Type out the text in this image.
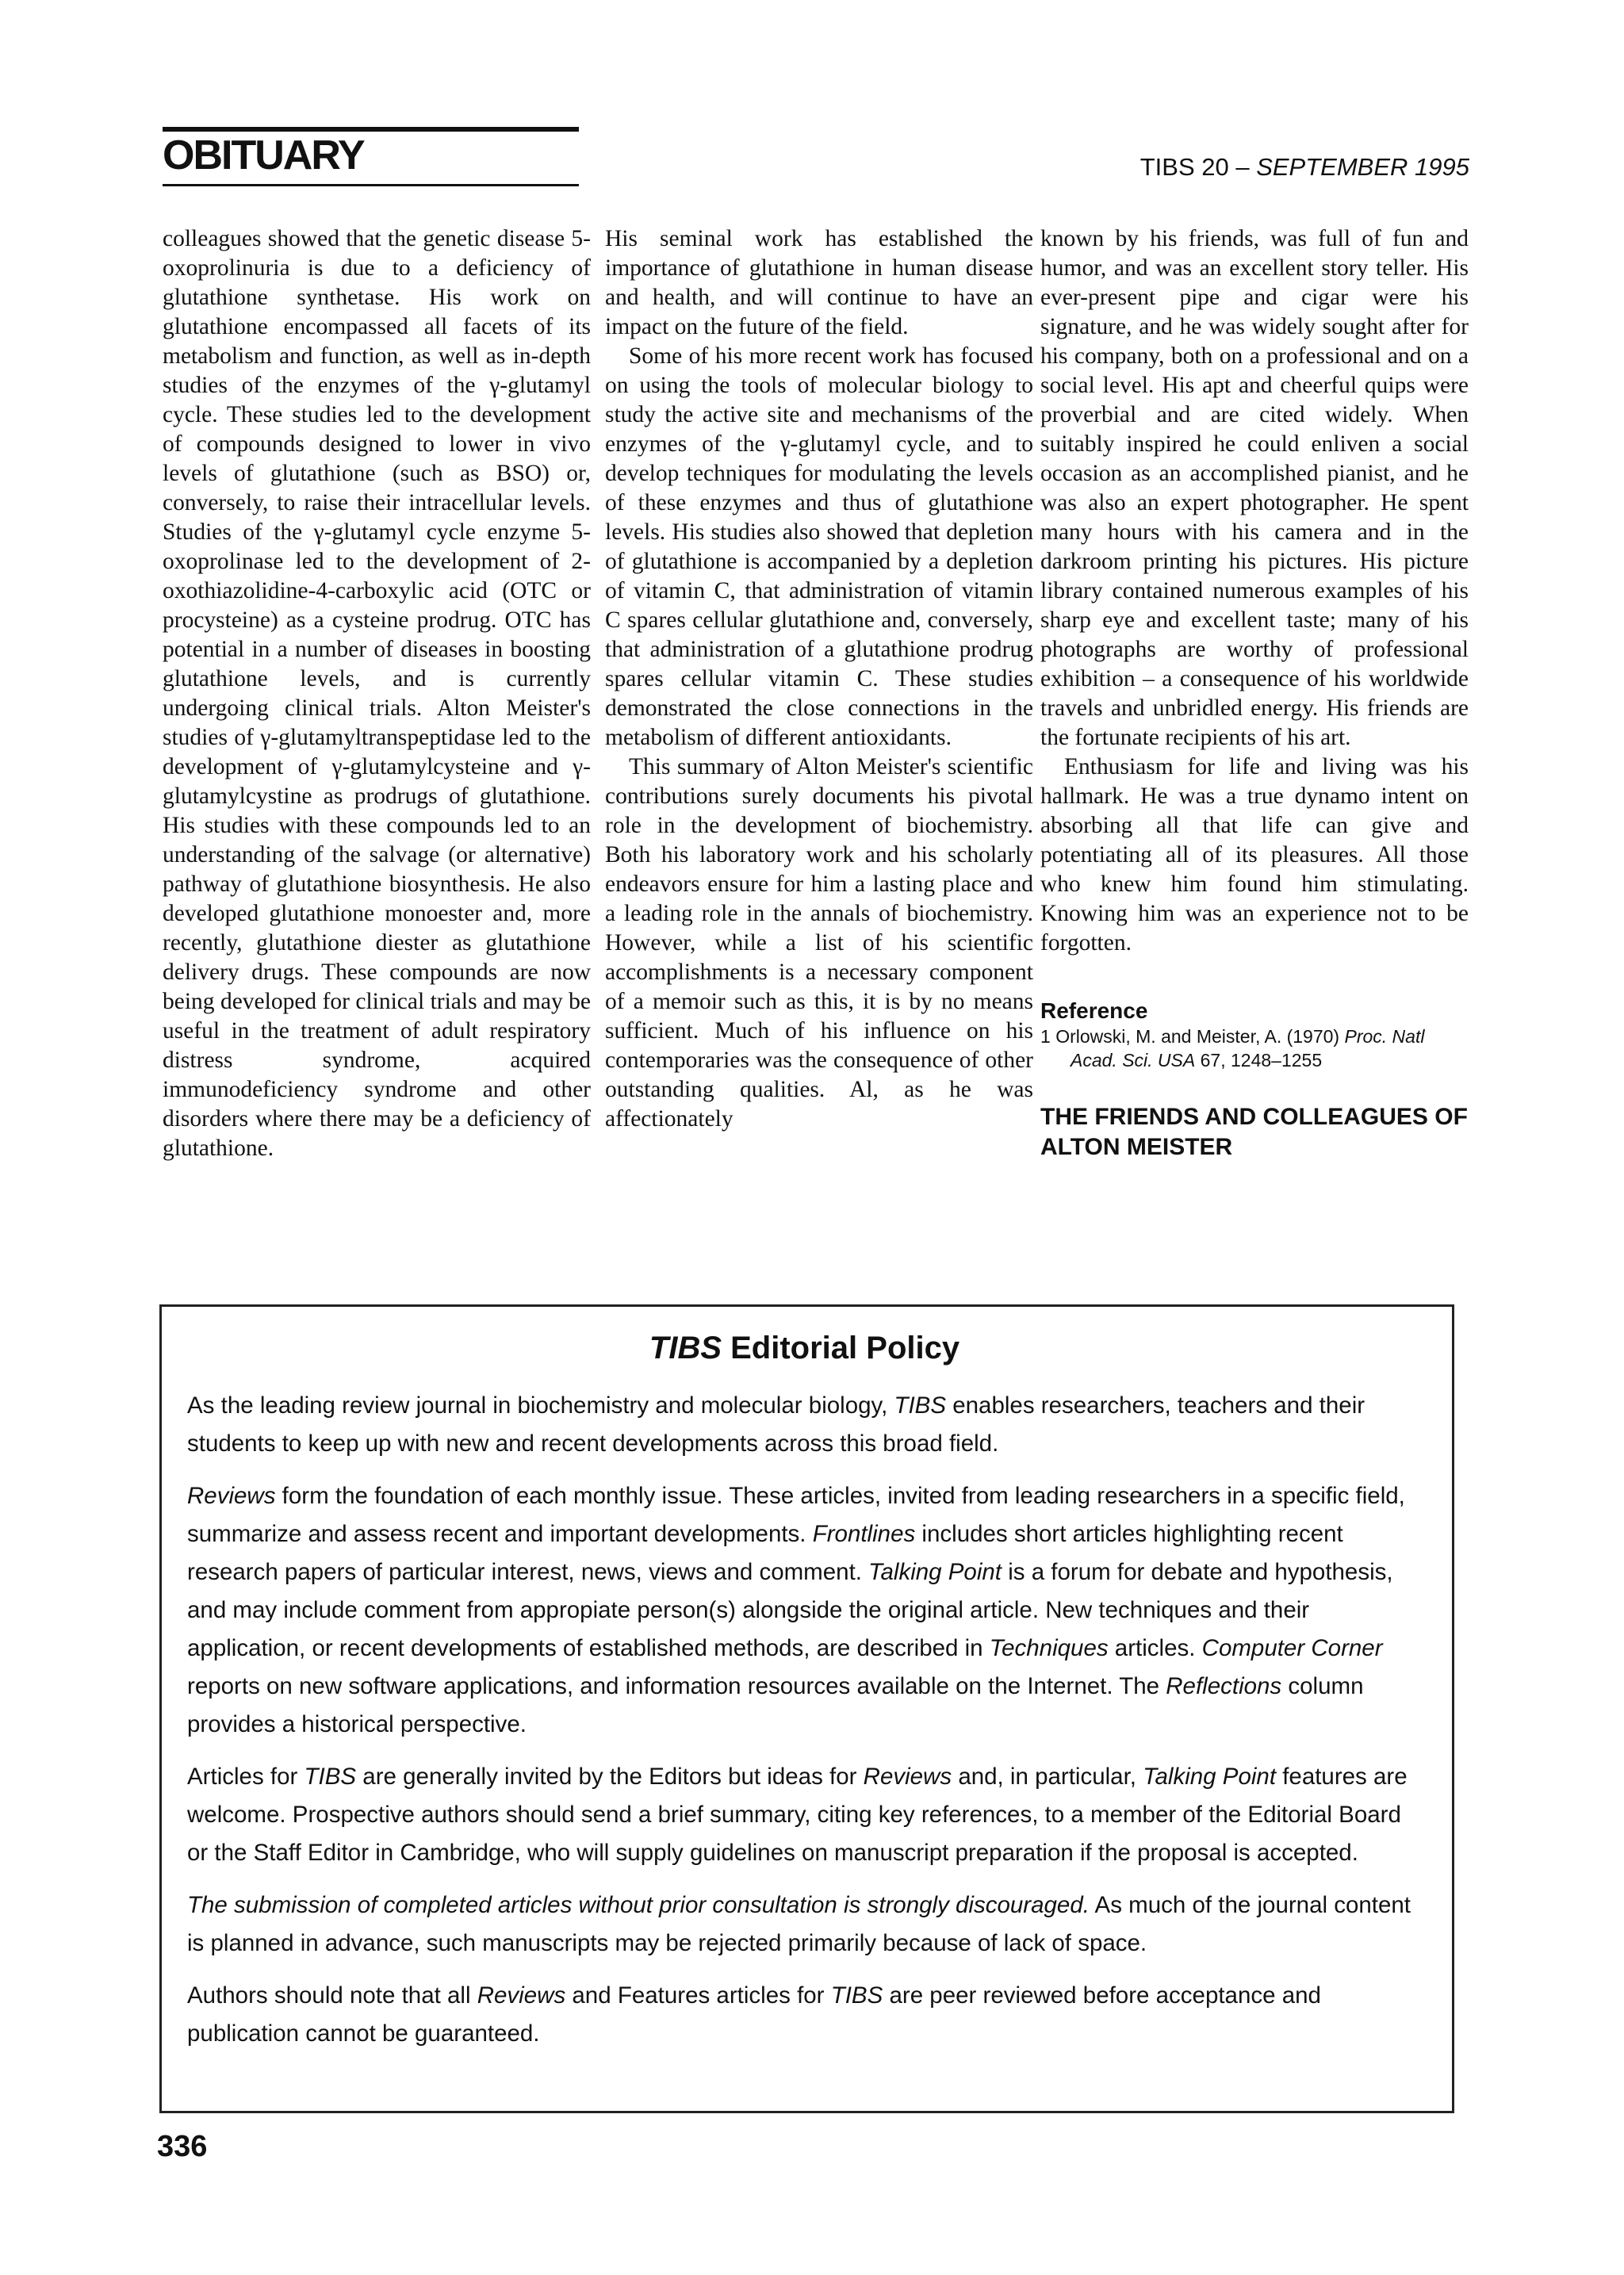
OBITUARY	TIBS 20 – SEPTEMBER 1995

colleagues showed that the genetic disease 5-oxoprolinuria is due to a deficiency of glutathione synthetase. His work on glutathione encompassed all facets of its metabolism and function, as well as in-depth studies of the enzymes of the γ-glutamyl cycle. These studies led to the development of compounds designed to lower in vivo levels of glutathione (such as BSO) or, conversely, to raise their intracellular levels. Studies of the γ-glutamyl cycle enzyme 5-oxoprolinase led to the development of 2-oxothiazolidine-4-carboxylic acid (OTC or procysteine) as a cysteine prodrug. OTC has potential in a number of diseases in boosting glutathione levels, and is currently undergoing clinical trials. Alton Meister's studies of γ-glutamyltranspeptidase led to the development of γ-glutamylcysteine and γ-glutamylcystine as prodrugs of glutathione. His studies with these compounds led to an understanding of the salvage (or alternative) pathway of glutathione biosynthesis. He also developed glutathione monoester and, more recently, glutathione diester as glutathione delivery drugs. These compounds are now being developed for clinical trials and may be useful in the treatment of adult respiratory distress syndrome, acquired immunodeficiency syndrome and other disorders where there may be a deficiency of glutathione.

His seminal work has established the importance of glutathione in human disease and health, and will continue to have an impact on the future of the field.

Some of his more recent work has focused on using the tools of molecular biology to study the active site and mechanisms of the enzymes of the γ-glutamyl cycle, and to develop techniques for modulating the levels of these enzymes and thus of glutathione levels. His studies also showed that depletion of glutathione is accompanied by a depletion of vitamin C, that administration of vitamin C spares cellular glutathione and, conversely, that administration of a glutathione prodrug spares cellular vitamin C. These studies demonstrated the close connections in the metabolism of different antioxidants.

This summary of Alton Meister's scientific contributions surely documents his pivotal role in the development of biochemistry. Both his laboratory work and his scholarly endeavors ensure for him a lasting place and a leading role in the annals of biochemistry. However, while a list of his scientific accomplishments is a necessary component of a memoir such as this, it is by no means sufficient. Much of his influence on his contemporaries was the consequence of other outstanding qualities. Al, as he was affectionately

known by his friends, was full of fun and humor, and was an excellent story teller. His ever-present pipe and cigar were his signature, and he was widely sought after for his company, both on a professional and on a social level. His apt and cheerful quips were proverbial and are cited widely. When suitably inspired he could enliven a social occasion as an accomplished pianist, and he was also an expert photographer. He spent many hours with his camera and in the darkroom printing his pictures. His picture library contained numerous examples of his sharp eye and excellent taste; many of his photographs are worthy of professional exhibition – a consequence of his worldwide travels and unbridled energy. His friends are the fortunate recipients of his art.

Enthusiasm for life and living was his hallmark. He was a true dynamo intent on absorbing all that life can give and potentiating all of its pleasures. All those who knew him found him stimulating. Knowing him was an experience not to be forgotten.

Reference
1 Orlowski, M. and Meister, A. (1970) Proc. Natl Acad. Sci. USA 67, 1248–1255
THE FRIENDS AND COLLEAGUES OF
ALTON MEISTER
TIBS Editorial Policy

As the leading review journal in biochemistry and molecular biology, TIBS enables researchers, teachers and their students to keep up with new and recent developments across this broad field.

Reviews form the foundation of each monthly issue. These articles, invited from leading researchers in a specific field, summarize and assess recent and important developments. Frontlines includes short articles highlighting recent research papers of particular interest, news, views and comment. Talking Point is a forum for debate and hypothesis, and may include comment from appropiate person(s) alongside the original article. New techniques and their application, or recent developments of established methods, are described in Techniques articles. Computer Corner reports on new software applications, and information resources available on the Internet. The Reflections column provides a historical perspective.

Articles for TIBS are generally invited by the Editors but ideas for Reviews and, in particular, Talking Point features are welcome. Prospective authors should send a brief summary, citing key references, to a member of the Editorial Board or the Staff Editor in Cambridge, who will supply guidelines on manuscript preparation if the proposal is accepted.

The submission of completed articles without prior consultation is strongly discouraged. As much of the journal content is planned in advance, such manuscripts may be rejected primarily because of lack of space.

Authors should note that all Reviews and Features articles for TIBS are peer reviewed before acceptance and publication cannot be guaranteed.

336
